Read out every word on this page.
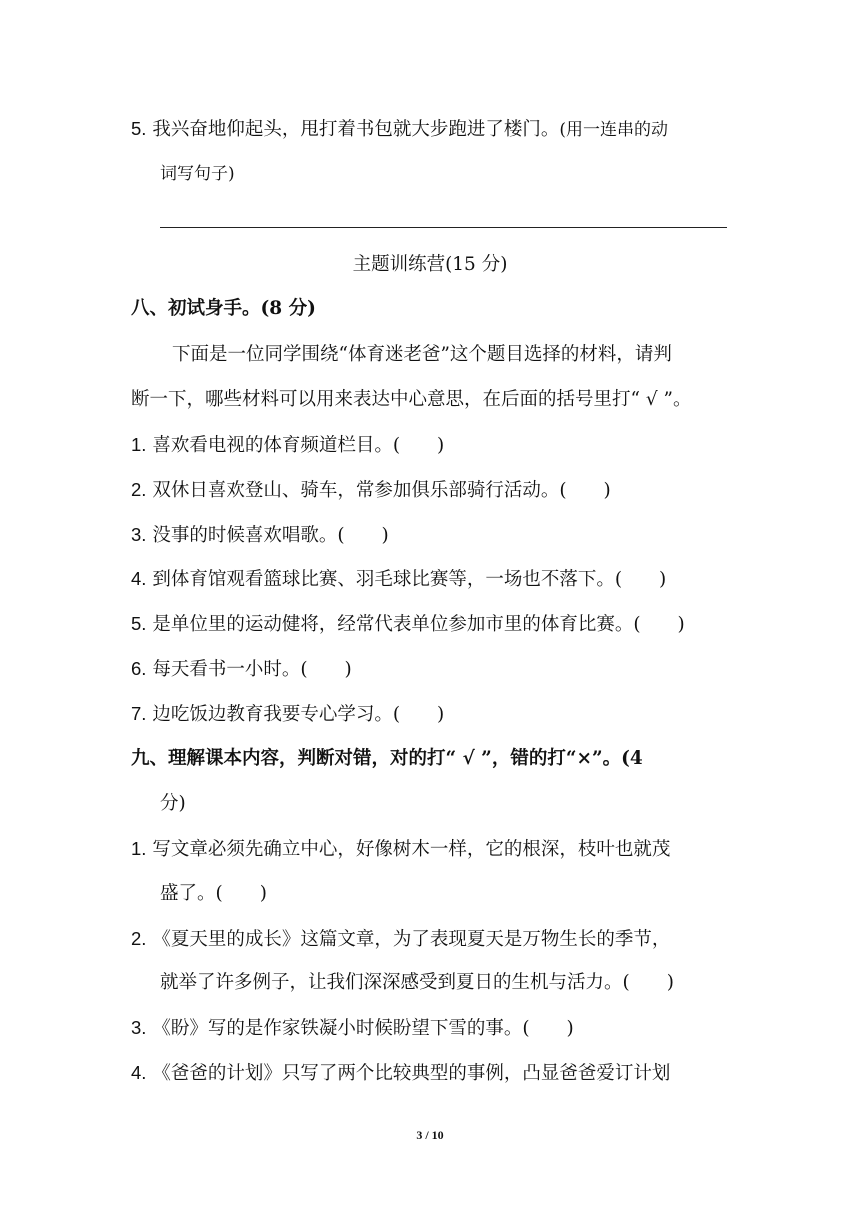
5. 我兴奋地仰起头，甩打着书包就大步跑进了楼门。(用一连串的动
词写句子)
主题训练营(15 分)
八、初试身手。(8 分)
下面是一位同学围绕“体育迷老爸”这个题目选择的材料，请判
断一下，哪些材料可以用来表达中心意思，在后面的括号里打“ √ ”。
1. 喜欢看电视的体育频道栏目。(　　)
2. 双休日喜欢登山、骑车，常参加俱乐部骑行活动。(　　)
3. 没事的时候喜欢唱歌。(　　)
4. 到体育馆观看篮球比赛、羽毛球比赛等，一场也不落下。(　　)
5. 是单位里的运动健将，经常代表单位参加市里的体育比赛。(　　)
6. 每天看书一小时。(　　)
7. 边吃饭边教育我要专心学习。(　　)
九、理解课本内容，判断对错，对的打“ √ ”，错的打“×”。(4
分)
1. 写文章必须先确立中心，好像树木一样，它的根深，枝叶也就茂
盛了。(　　)
2. 《夏天里的成长》这篇文章，为了表现夏天是万物生长的季节，
就举了许多例子，让我们深深感受到夏日的生机与活力。(　　)
3. 《盼》写的是作家铁凝小时候盼望下雪的事。(　　)
4. 《爸爸的计划》只写了两个比较典型的事例，凸显爸爸爱订计划
3 / 10
